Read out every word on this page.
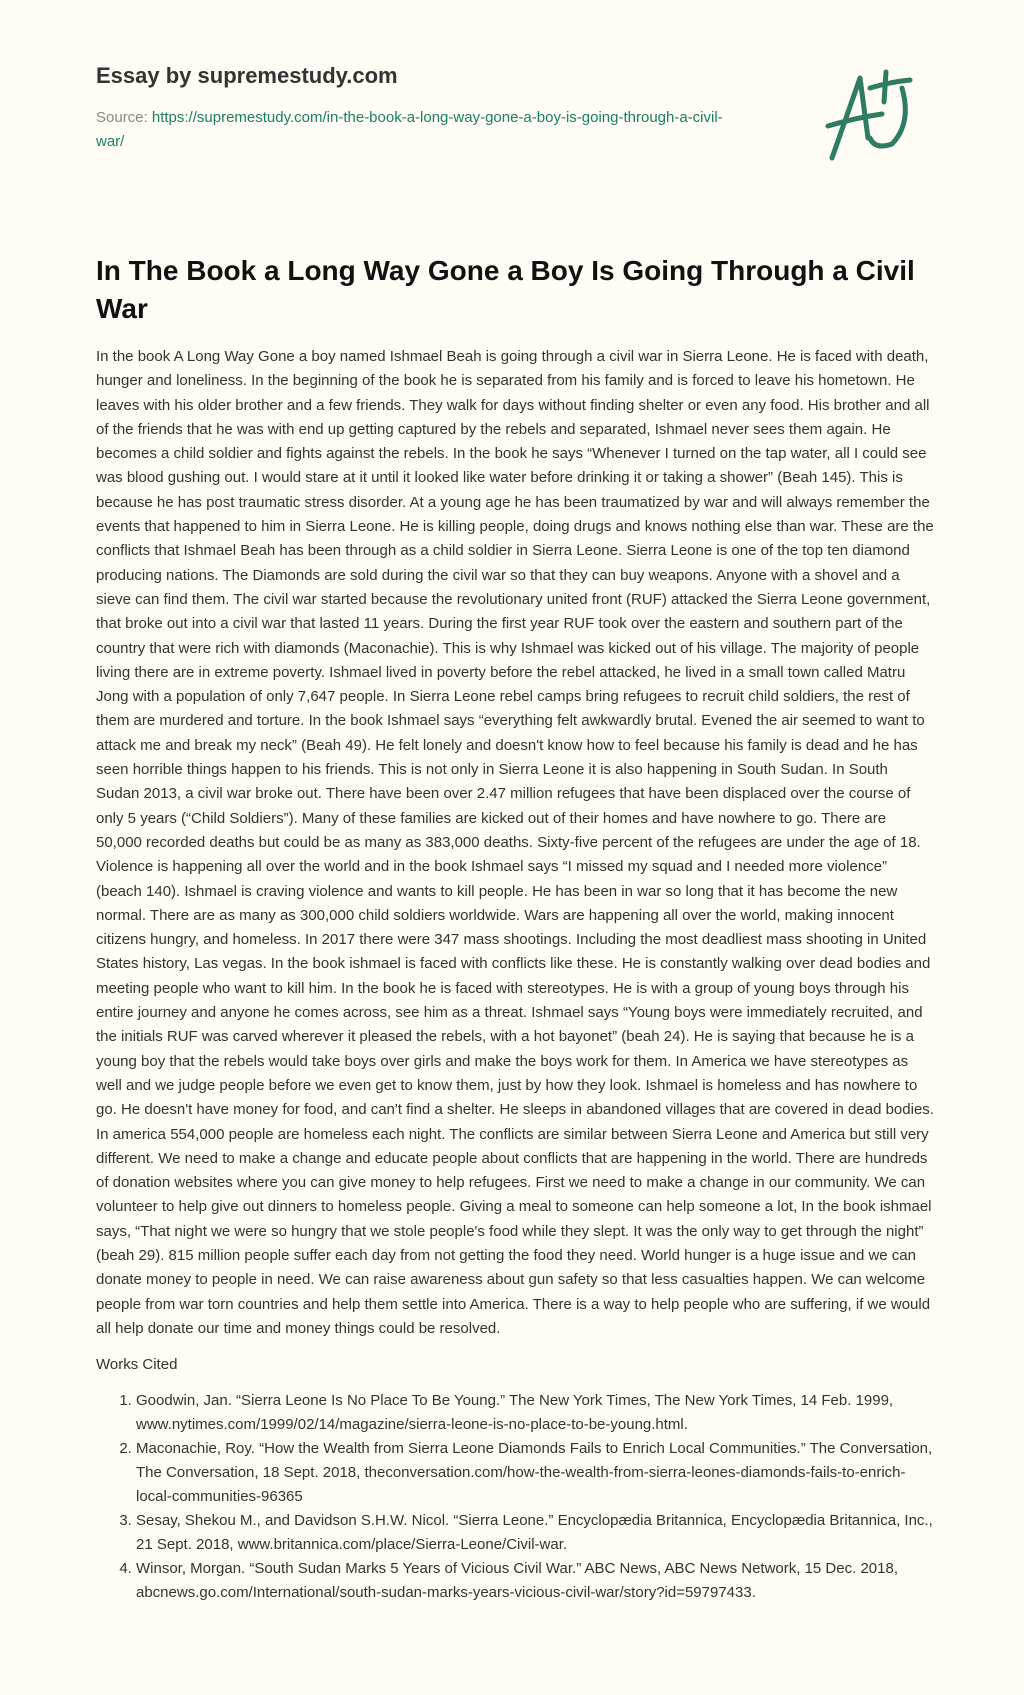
Essay by supremestudy.com
Source: https://supremestudy.com/in-the-book-a-long-way-gone-a-boy-is-going-through-a-civil-war/
In The Book a Long Way Gone a Boy Is Going Through a Civil War

In the book A Long Way Gone a boy named Ishmael Beah is going through a civil war in Sierra Leone. He is faced with death, hunger and loneliness. In the beginning of the book he is separated from his family and is forced to leave his hometown. He leaves with his older brother and a few friends. They walk for days without finding shelter or even any food. His brother and all of the friends that he was with end up getting captured by the rebels and separated, Ishmael never sees them again. He becomes a child soldier and fights against the rebels. In the book he says “Whenever I turned on the tap water, all I could see was blood gushing out. I would stare at it until it looked like water before drinking it or taking a shower” (Beah 145). This is because he has post traumatic stress disorder. At a young age he has been traumatized by war and will always remember the events that happened to him in Sierra Leone. He is killing people, doing drugs and knows nothing else than war. These are the conflicts that Ishmael Beah has been through as a child soldier in Sierra Leone. Sierra Leone is one of the top ten diamond producing nations. The Diamonds are sold during the civil war so that they can buy weapons. Anyone with a shovel and a sieve can find them. The civil war started because the revolutionary united front (RUF) attacked the Sierra Leone government, that broke out into a civil war that lasted 11 years. During the first year RUF took over the eastern and southern part of the country that were rich with diamonds (Maconachie). This is why Ishmael was kicked out of his village. The majority of people living there are in extreme poverty. Ishmael lived in poverty before the rebel attacked, he lived in a small town called Matru Jong with a population of only 7,647 people. In Sierra Leone rebel camps bring refugees to recruit child soldiers, the rest of them are murdered and torture. In the book Ishmael says “everything felt awkwardly brutal. Evened the air seemed to want to attack me and break my neck” (Beah 49). He felt lonely and doesn't know how to feel because his family is dead and he has seen horrible things happen to his friends. This is not only in Sierra Leone it is also happening in South Sudan. In South Sudan 2013, a civil war broke out. There have been over 2.47 million refugees that have been displaced over the course of only 5 years (“Child Soldiers”). Many of these families are kicked out of their homes and have nowhere to go. There are 50,000 recorded deaths but could be as many as 383,000 deaths. Sixty-five percent of the refugees are under the age of 18. Violence is happening all over the world and in the book Ishmael says “I missed my squad and I needed more violence” (beach 140). Ishmael is craving violence and wants to kill people. He has been in war so long that it has become the new normal. There are as many as 300,000 child soldiers worldwide. Wars are happening all over the world, making innocent citizens hungry, and homeless. In 2017 there were 347 mass shootings. Including the most deadliest mass shooting in United States history, Las vegas. In the book ishmael is faced with conflicts like these. He is constantly walking over dead bodies and meeting people who want to kill him. In the book he is faced with stereotypes. He is with a group of young boys through his entire journey and anyone he comes across, see him as a threat. Ishmael says “Young boys were immediately recruited, and the initials RUF was carved wherever it pleased the rebels, with a hot bayonet” (beah 24). He is saying that because he is a young boy that the rebels would take boys over girls and make the boys work for them. In America we have stereotypes as well and we judge people before we even get to know them, just by how they look. Ishmael is homeless and has nowhere to go. He doesn't have money for food, and can't find a shelter. He sleeps in abandoned villages that are covered in dead bodies. In america 554,000 people are homeless each night. The conflicts are similar between Sierra Leone and America but still very different. We need to make a change and educate people about conflicts that are happening in the world. There are hundreds of donation websites where you can give money to help refugees. First we need to make a change in our community. We can volunteer to help give out dinners to homeless people. Giving a meal to someone can help someone a lot, In the book ishmael says, “That night we were so hungry that we stole people's food while they slept. It was the only way to get through the night” (beah 29). 815 million people suffer each day from not getting the food they need. World hunger is a huge issue and we can donate money to people in need. We can raise awareness about gun safety so that less casualties happen. We can welcome people from war torn countries and help them settle into America. There is a way to help people who are suffering, if we would all help donate our time and money things could be resolved.

Works Cited
1. Goodwin, Jan. “Sierra Leone Is No Place To Be Young.” The New York Times, The New York Times, 14 Feb. 1999, www.nytimes.com/1999/02/14/magazine/sierra-leone-is-no-place-to-be-young.html.
2. Maconachie, Roy. “How the Wealth from Sierra Leone Diamonds Fails to Enrich Local Communities.” The Conversation, The Conversation, 18 Sept. 2018, theconversation.com/how-the-wealth-from-sierra-leones-diamonds-fails-to-enrich-local-communities-96365
3. Sesay, Shekou M., and Davidson S.H.W. Nicol. “Sierra Leone.” Encyclopædia Britannica, Encyclopædia Britannica, Inc., 21 Sept. 2018, www.britannica.com/place/Sierra-Leone/Civil-war.
4. Winsor, Morgan. “South Sudan Marks 5 Years of Vicious Civil War.” ABC News, ABC News Network, 15 Dec. 2018, abcnews.go.com/International/south-sudan-marks-years-vicious-civil-war/story?id=59797433.
